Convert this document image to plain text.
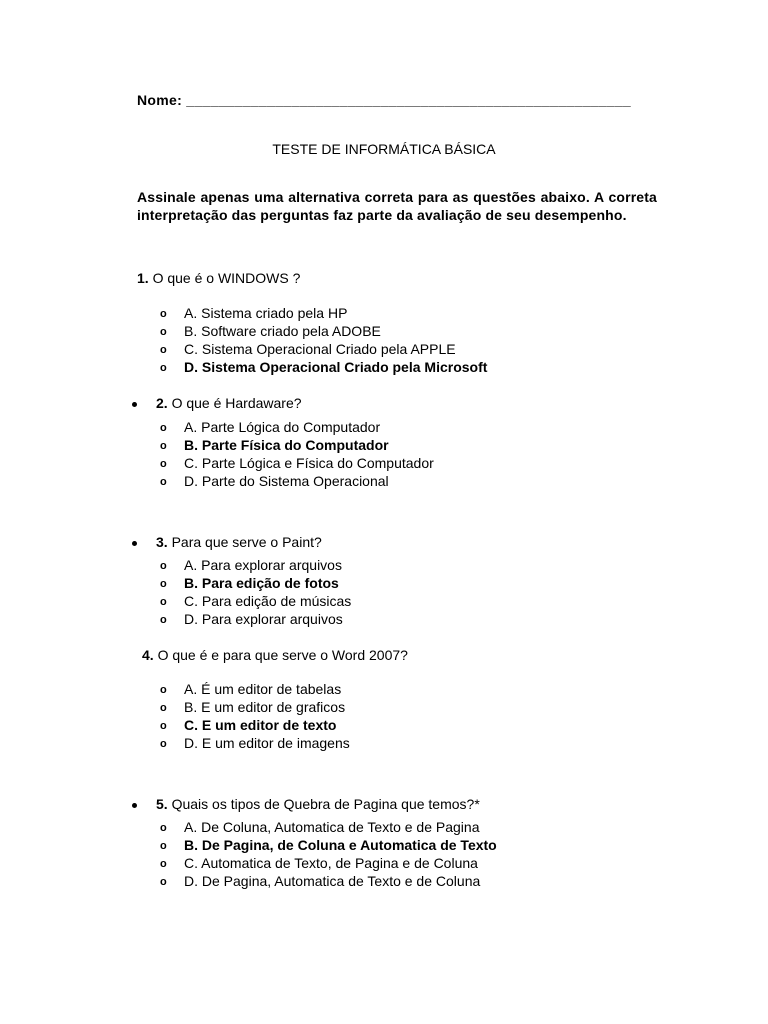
Nome: _______________________________________________________
TESTE DE INFORMÁTICA BÁSICA
Assinale apenas uma alternativa correta para as questões abaixo. A correta interpretação das perguntas faz parte da avaliação de seu desempenho.
1. O que é o WINDOWS ?
o A. Sistema criado pela HP
o B. Software criado pela ADOBE
o C. Sistema Operacional Criado pela APPLE
o D. Sistema Operacional Criado pela Microsoft
2. O que é Hardaware?
o A. Parte Lógica do Computador
o B. Parte Física do Computador
o C. Parte Lógica e Física do Computador
o D. Parte do Sistema Operacional
3. Para que serve o Paint?
o A. Para explorar arquivos
o B. Para edição de fotos
o C. Para edição de músicas
o D. Para explorar arquivos
4. O que é e para que serve o Word 2007?
o A. É um editor de tabelas
o B. E um editor de graficos
o C. E um editor de texto
o D. E um editor de imagens
5. Quais os tipos de Quebra de Pagina que temos?*
o A. De Coluna, Automatica de Texto e de Pagina
o B. De Pagina, de Coluna e Automatica de Texto
o C. Automatica de Texto, de Pagina e de Coluna
o D. De Pagina, Automatica de Texto e de Coluna
